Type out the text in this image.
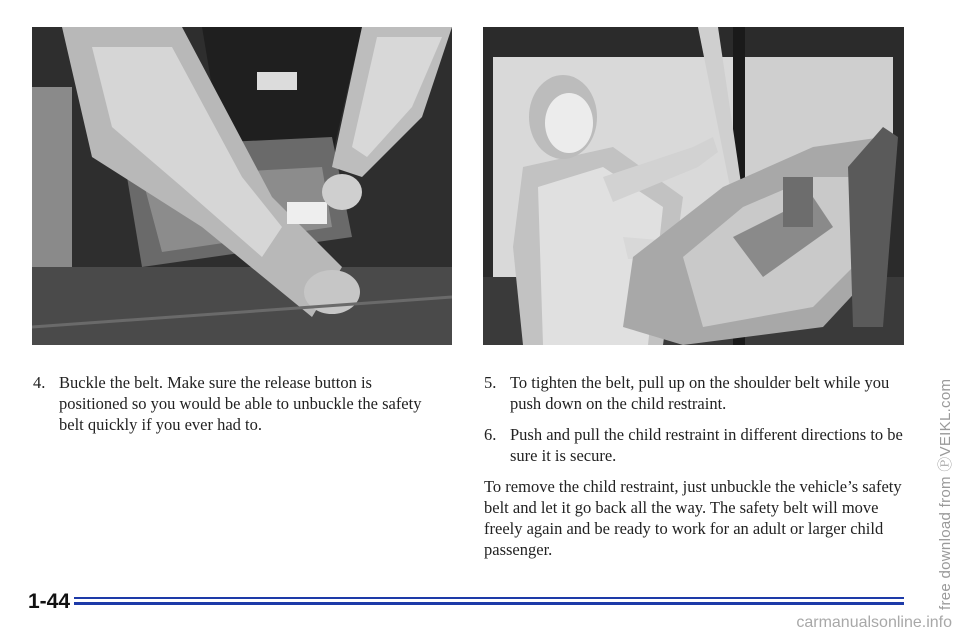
4. Buckle the belt. Make sure the release button is positioned so you would be able to unbuckle the safety belt quickly if you ever had to.

5. To tighten the belt, pull up on the shoulder belt while you push down on the child restraint.

6. Push and pull the child restraint in different directions to be sure it is secure.

To remove the child restraint, just unbuckle the vehicle’s safety belt and let it go back all the way. The safety belt will move freely again and be ready to work for an adult or larger child passenger.

1-44	free download from ⓅVEIKL.com
carmanualsonline.info
